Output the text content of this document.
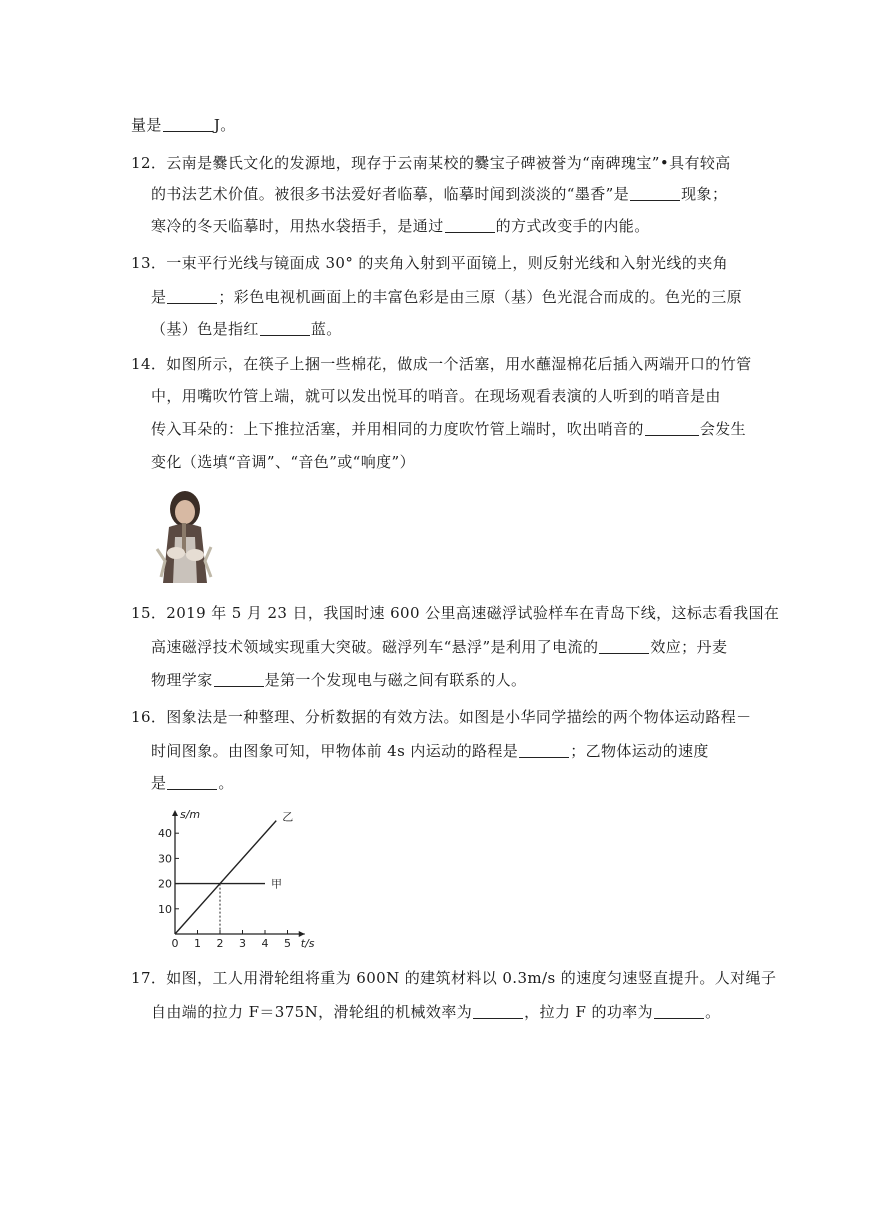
量是	J。
12．云南是爨氏文化的发源地，现存于云南某校的爨宝子碑被誉为“南碑瑰宝”•具有较高
的书法艺术价值。被很多书法爱好者临摹，临摹时闻到淡淡的“墨香”是	现象；
寒冷的冬天临摹时，用热水袋捂手，是通过	的方式改变手的内能。
13．一束平行光线与镜面成 30° 的夹角入射到平面镜上，则反射光线和入射光线的夹角
是	；彩色电视机画面上的丰富色彩是由三原（基）色光混合而成的。色光的三原
（基）色是指红	蓝。
14．如图所示，在筷子上捆一些棉花，做成一个活塞，用水蘸湿棉花后插入两端开口的竹管
中，用嘴吹竹管上端，就可以发出悦耳的哨音。在现场观看表演的人听到的哨音是由
传入耳朵的：上下推拉活塞，并用相同的力度吹竹管上端时，吹出哨音的	会发生
变化（选填“音调”、“音色”或“响度”）
15．2019 年 5 月 23 日，我国时速 600 公里高速磁浮试验样车在青岛下线，这标志看我国在
高速磁浮技术领域实现重大突破。磁浮列车“悬浮”是利用了电流的	效应；丹麦
物理学家	是第一个发现电与磁之间有联系的人。
16．图象法是一种整理、分析数据的有效方法。如图是小华同学描绘的两个物体运动路程－
时间图象。由图象可知，甲物体前 4s 内运动的路程是	；乙物体运动的速度
是	。
10
20
30
40
0 1 2 3 4 5
s/m
t/s
甲
乙
17．如图，工人用滑轮组将重为 600N 的建筑材料以 0.3m/s 的速度匀速竖直提升。人对绳子
自由端的拉力 F＝375N，滑轮组的机械效率为	，拉力 F 的功率为	。
